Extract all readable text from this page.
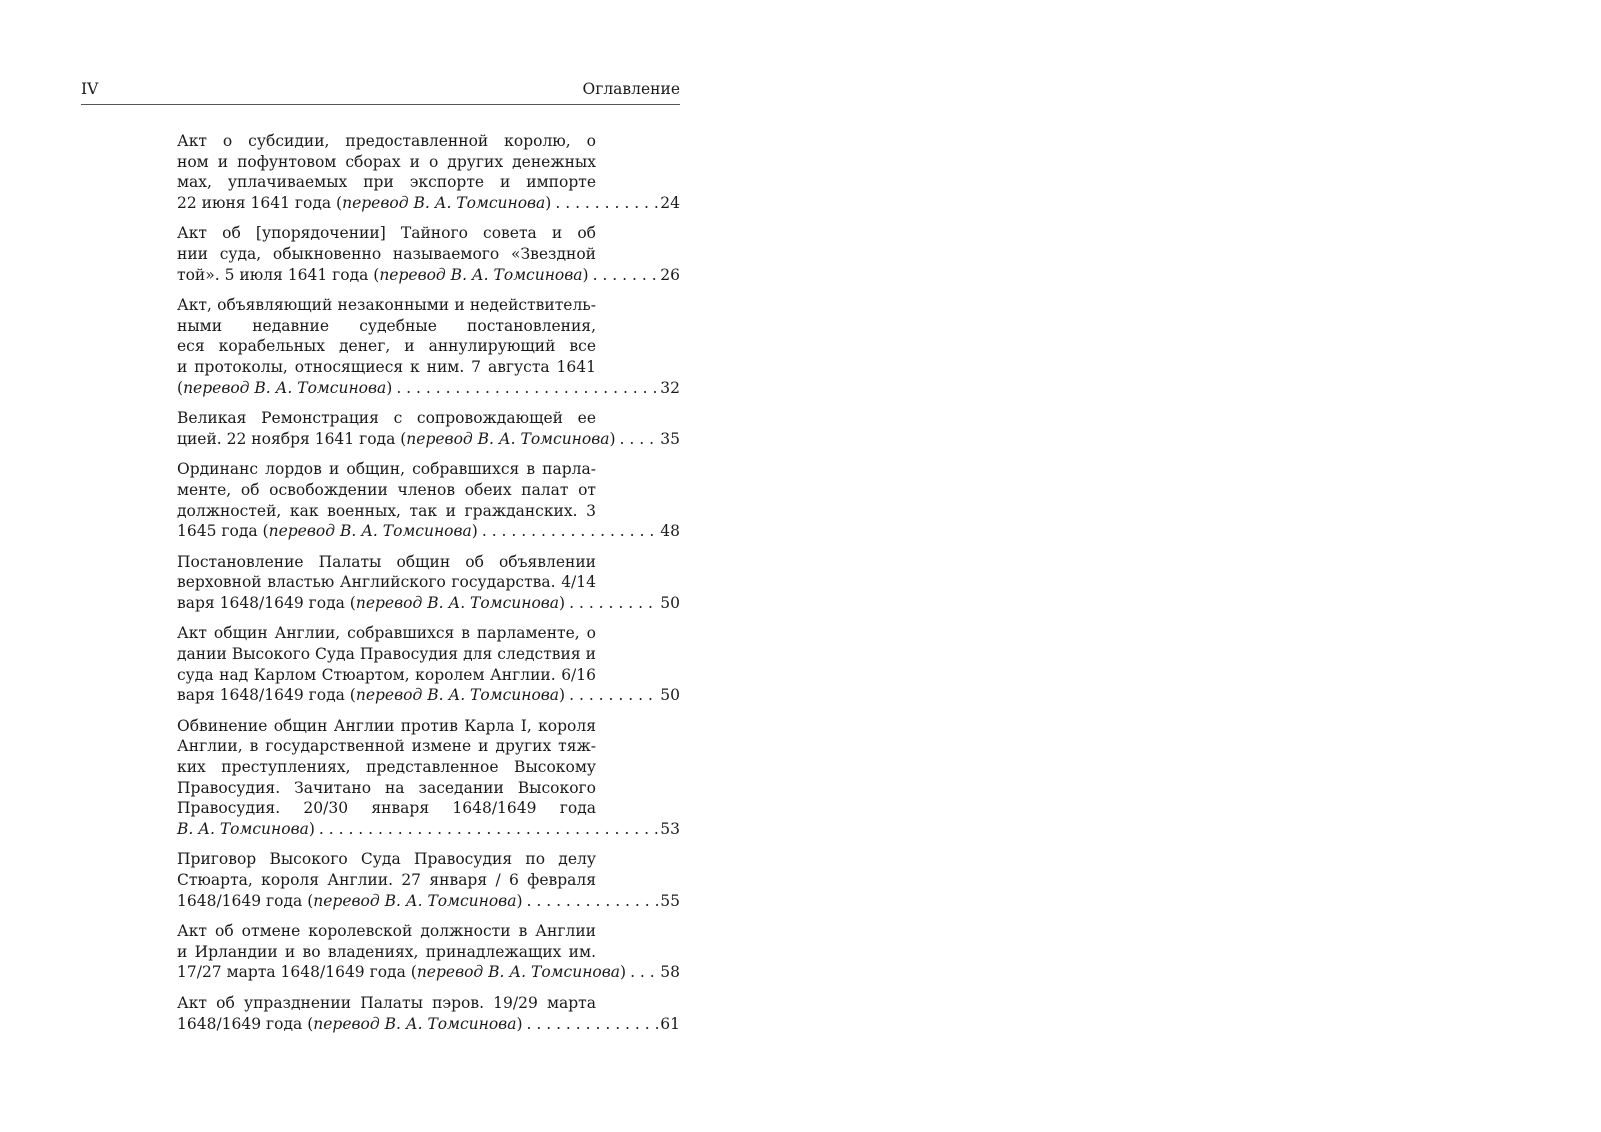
IV	Оглавление
Акт о субсидии, предоставленной королю, о
ном и пофунтовом сборах и о других денежных
мах, уплачиваемых при экспорте и импорте
22 июня 1641 года (перевод В. А. Томсинова) . . .	24
Акт об [упорядочении] Тайного совета и об
нии суда, обыкновенно называемого «Звездной
той». 5 июля 1641 года (перевод В. А. Томсинова) . . .	26
Акт, объявляющий незаконными и недействитель-
ными недавние судебные постановления,
еся корабельных денег, и аннулирующий все
и протоколы, относящиеся к ним. 7 августа 1641
(перевод В. А. Томсинова) . . .	32
Великая Ремонстрация с сопровождающей ее
цией. 22 ноября 1641 года (перевод В. А. Томсинова) . . .	35
Ординанс лордов и общин, собравшихся в парла-
менте, об освобождении членов обеих палат от
должностей, как военных, так и гражданских. 3
1645 года (перевод В. А. Томсинова) . . .	48
Постановление Палаты общин об объявлении
верховной властью Английского государства. 4/14
варя 1648/1649 года (перевод В. А. Томсинова) . . .	50
Акт общин Англии, собравшихся в парламенте, о
дании Высокого Суда Правосудия для следствия и
суда над Карлом Стюартом, королем Англии. 6/16
варя 1648/1649 года (перевод В. А. Томсинова) . . .	50
Обвинение общин Англии против Карла I, короля
Англии, в государственной измене и других тяж-
ких преступлениях, представленное Высокому
Правосудия. Зачитано на заседании Высокого
Правосудия. 20/30 января 1648/1649 года
В. А. Томсинова) . . .	53
Приговор Высокого Суда Правосудия по делу
Стюарта, короля Англии. 27 января / 6 февраля
1648/1649 года (перевод В. А. Томсинова) . . .	55
Акт об отмене королевской должности в Англии
и Ирландии и во владениях, принадлежащих им.
17/27 марта 1648/1649 года (перевод В. А. Томсинова) . . . 58
Акт об упразднении Палаты пэров. 19/29 марта
1648/1649 года (перевод В. А. Томсинова) . . .	61
